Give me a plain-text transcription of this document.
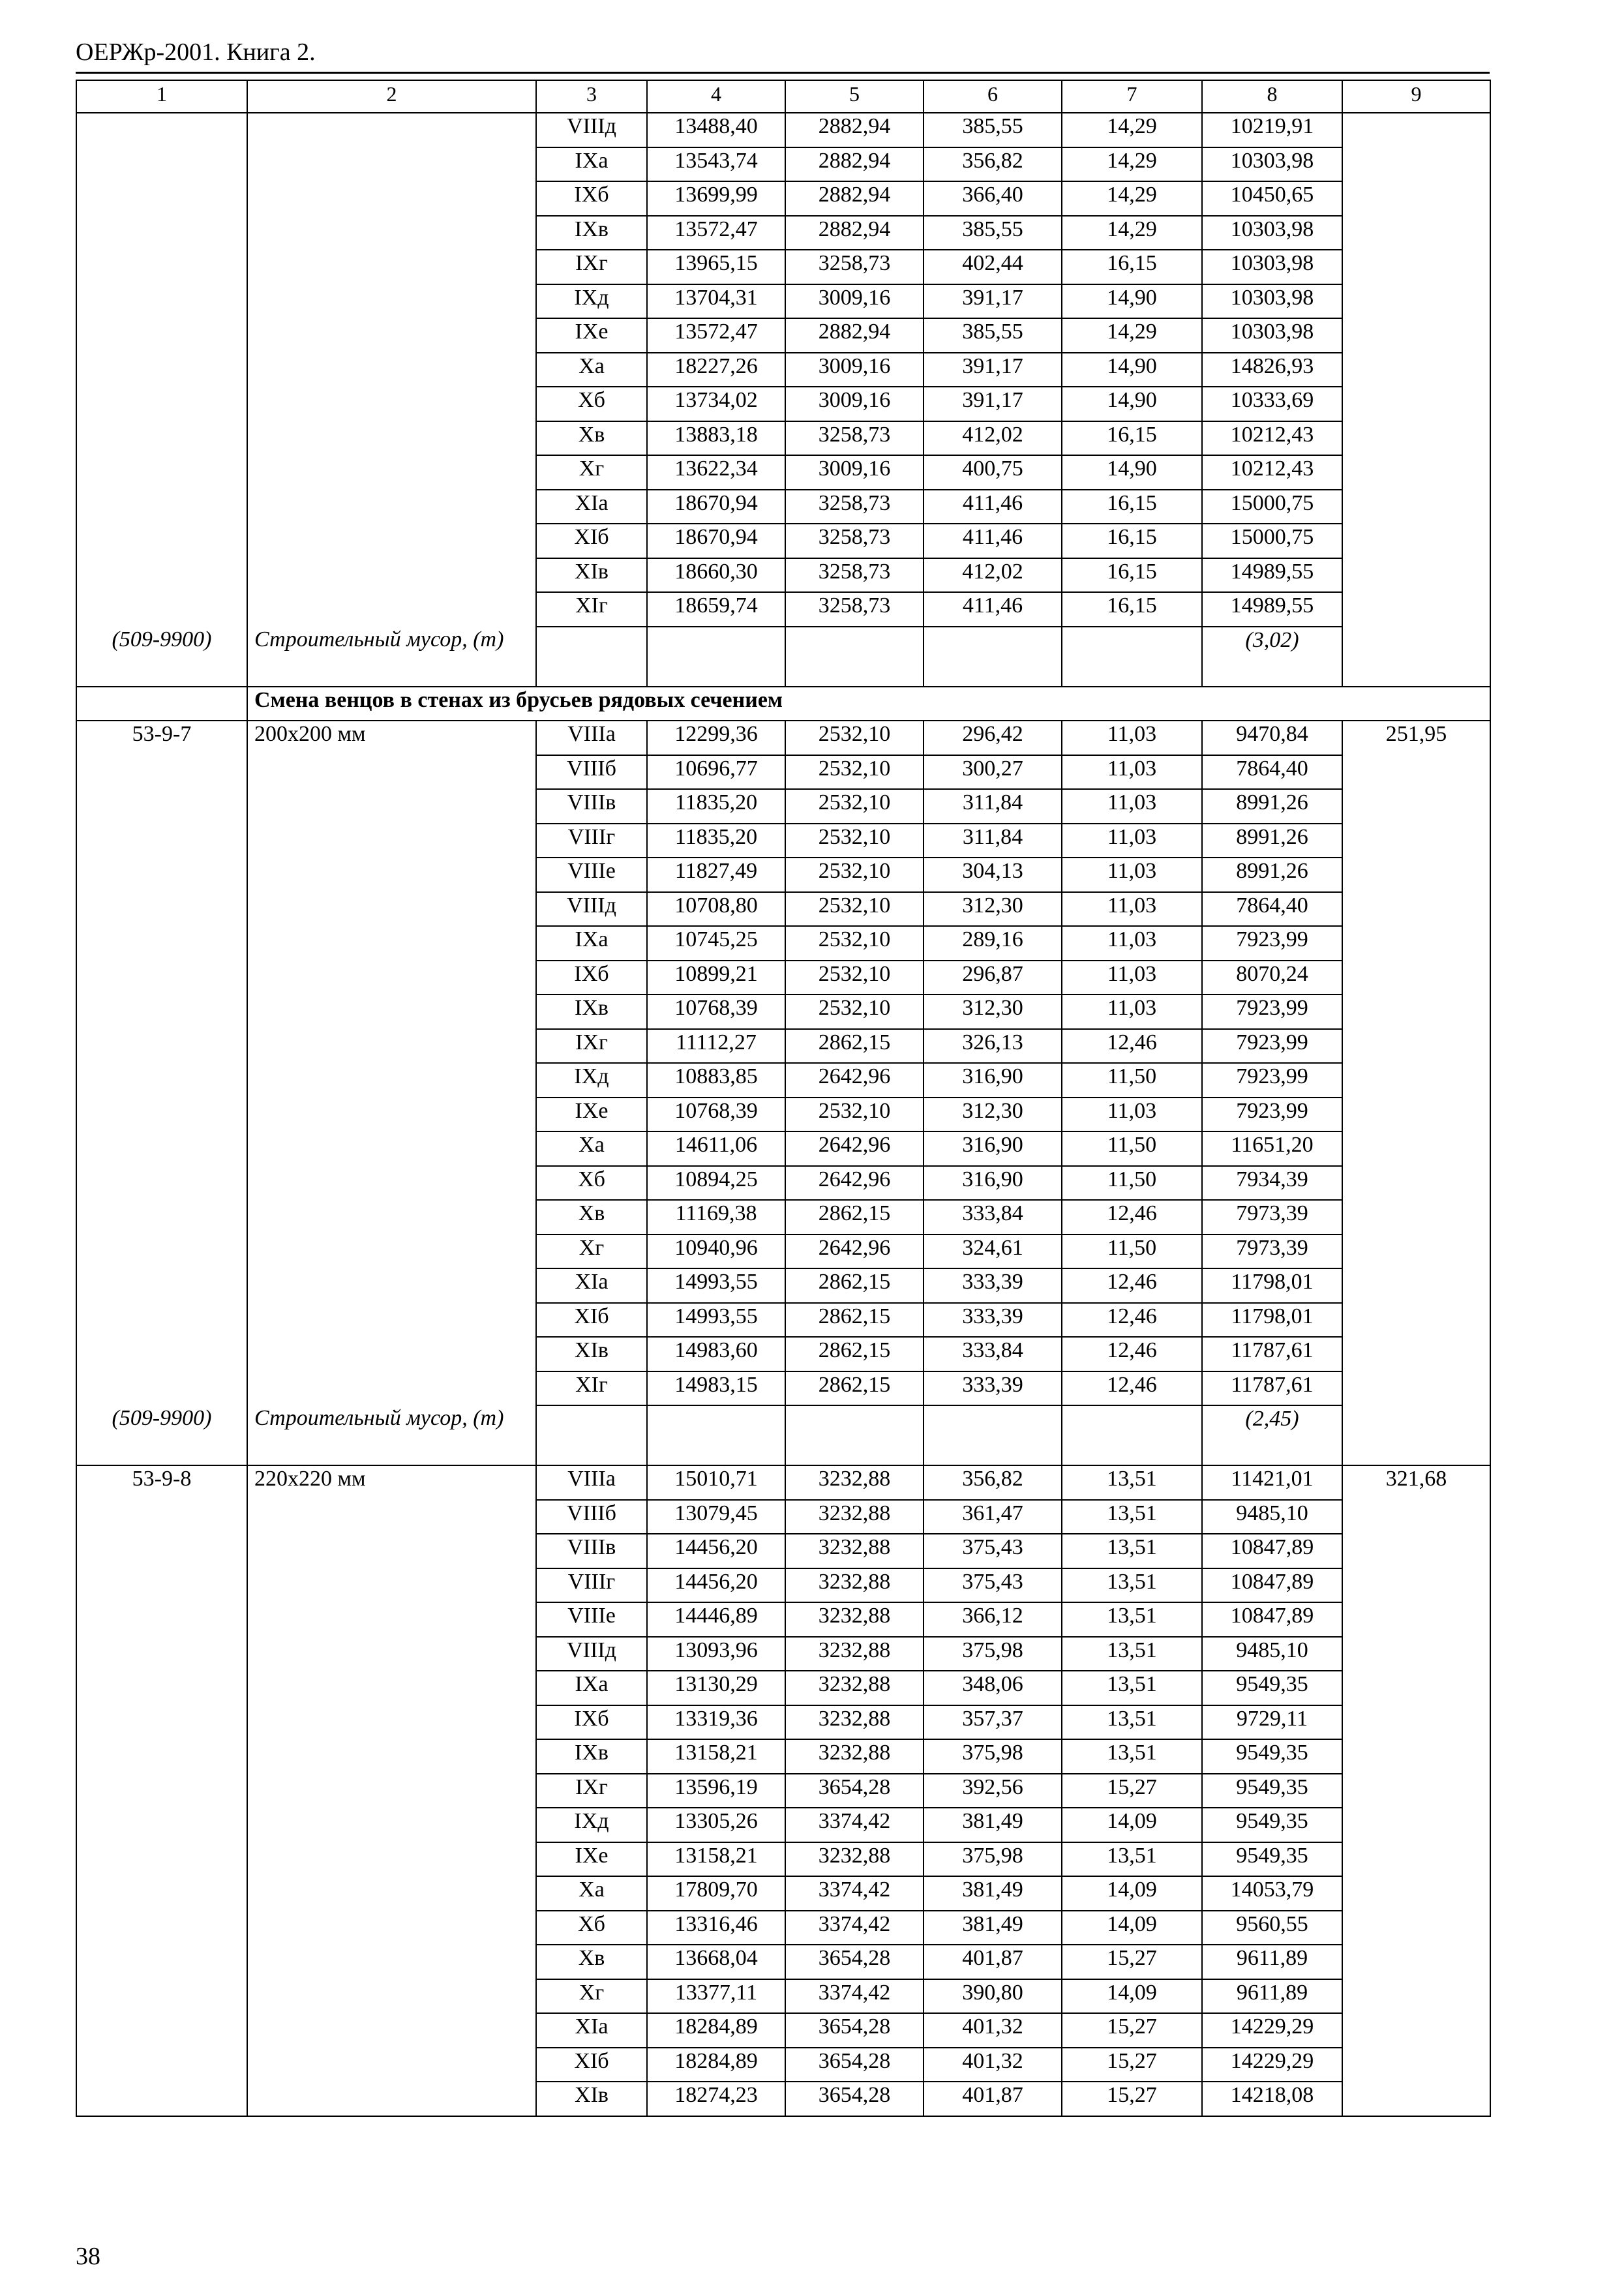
ОЕРЖр-2001. Книга 2.
1	2	3	4	5	6	7	8	9
		VIIIд	13488,40	2882,94	385,55	14,29	10219,91	
		IXа	13543,74	2882,94	356,82	14,29	10303,98	
		IXб	13699,99	2882,94	366,40	14,29	10450,65	
		IXв	13572,47	2882,94	385,55	14,29	10303,98	
		IXг	13965,15	3258,73	402,44	16,15	10303,98	
		IXд	13704,31	3009,16	391,17	14,90	10303,98	
		IXе	13572,47	2882,94	385,55	14,29	10303,98	
		Xа	18227,26	3009,16	391,17	14,90	14826,93	
		Xб	13734,02	3009,16	391,17	14,90	10333,69	
		Xв	13883,18	3258,73	412,02	16,15	10212,43	
		Xг	13622,34	3009,16	400,75	14,90	10212,43	
		XIа	18670,94	3258,73	411,46	16,15	15000,75	
		XIб	18670,94	3258,73	411,46	16,15	15000,75	
		XIв	18660,30	3258,73	412,02	16,15	14989,55	
		XIг	18659,74	3258,73	411,46	16,15	14989,55	
(509-9900)	Строительный мусор, (т)						(3,02)	
	Смена венцов в стенах из брусьев рядовых сечением							
53-9-7	200х200 мм	VIIIа	12299,36	2532,10	296,42	11,03	9470,84	251,95
		VIIIб	10696,77	2532,10	300,27	11,03	7864,40	
		VIIIв	11835,20	2532,10	311,84	11,03	8991,26	
		VIIIг	11835,20	2532,10	311,84	11,03	8991,26	
		VIIIе	11827,49	2532,10	304,13	11,03	8991,26	
		VIIIд	10708,80	2532,10	312,30	11,03	7864,40	
		IXа	10745,25	2532,10	289,16	11,03	7923,99	
		IXб	10899,21	2532,10	296,87	11,03	8070,24	
		IXв	10768,39	2532,10	312,30	11,03	7923,99	
		IXг	11112,27	2862,15	326,13	12,46	7923,99	
		IXд	10883,85	2642,96	316,90	11,50	7923,99	
		IXе	10768,39	2532,10	312,30	11,03	7923,99	
		Xа	14611,06	2642,96	316,90	11,50	11651,20	
		Xб	10894,25	2642,96	316,90	11,50	7934,39	
		Xв	11169,38	2862,15	333,84	12,46	7973,39	
		Xг	10940,96	2642,96	324,61	11,50	7973,39	
		XIа	14993,55	2862,15	333,39	12,46	11798,01	
		XIб	14993,55	2862,15	333,39	12,46	11798,01	
		XIв	14983,60	2862,15	333,84	12,46	11787,61	
		XIг	14983,15	2862,15	333,39	12,46	11787,61	
(509-9900)	Строительный мусор, (т)						(2,45)	
53-9-8	220х220 мм	VIIIа	15010,71	3232,88	356,82	13,51	11421,01	321,68
		VIIIб	13079,45	3232,88	361,47	13,51	9485,10	
		VIIIв	14456,20	3232,88	375,43	13,51	10847,89	
		VIIIг	14456,20	3232,88	375,43	13,51	10847,89	
		VIIIе	14446,89	3232,88	366,12	13,51	10847,89	
		VIIIд	13093,96	3232,88	375,98	13,51	9485,10	
		IXа	13130,29	3232,88	348,06	13,51	9549,35	
		IXб	13319,36	3232,88	357,37	13,51	9729,11	
		IXв	13158,21	3232,88	375,98	13,51	9549,35	
		IXг	13596,19	3654,28	392,56	15,27	9549,35	
		IXд	13305,26	3374,42	381,49	14,09	9549,35	
		IXе	13158,21	3232,88	375,98	13,51	9549,35	
		Xа	17809,70	3374,42	381,49	14,09	14053,79	
		Xб	13316,46	3374,42	381,49	14,09	9560,55	
		Xв	13668,04	3654,28	401,87	15,27	9611,89	
		Xг	13377,11	3374,42	390,80	14,09	9611,89	
		XIа	18284,89	3654,28	401,32	15,27	14229,29	
		XIб	18284,89	3654,28	401,32	15,27	14229,29	
		XIв	18274,23	3654,28	401,87	15,27	14218,08	
38
